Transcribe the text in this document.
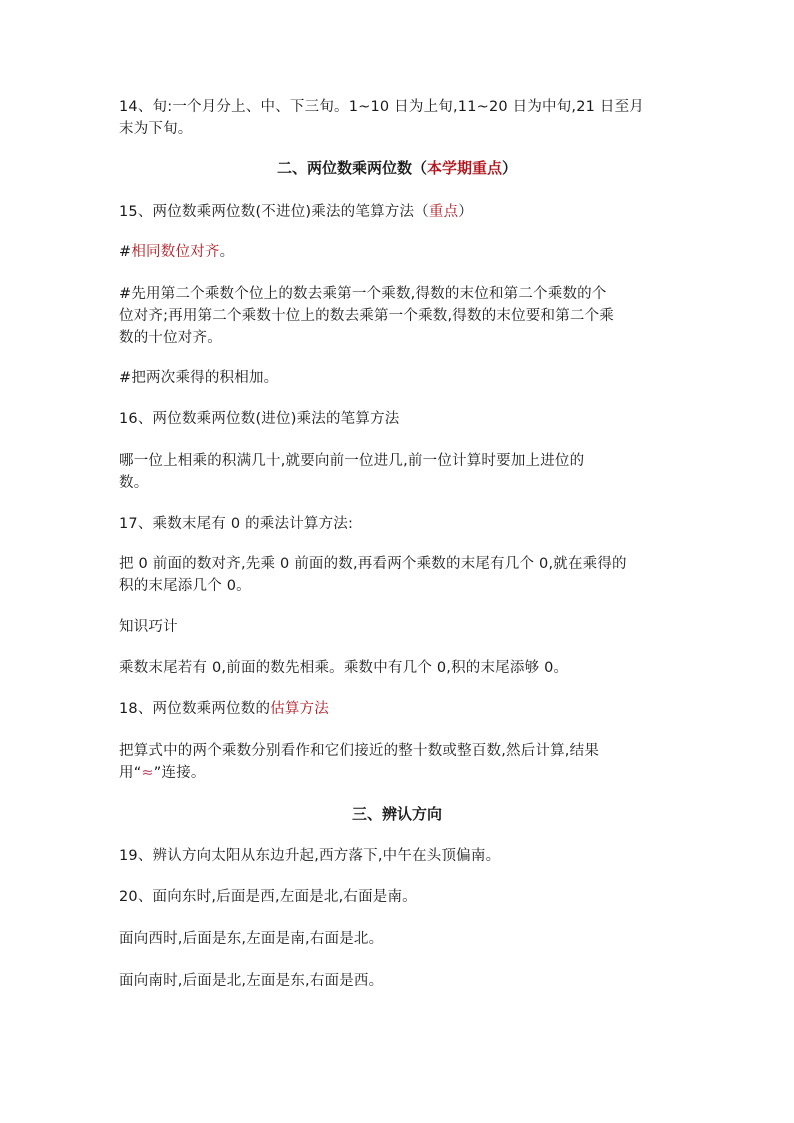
14、旬:一个月分上、中、下三旬。1~10 日为上旬,11~20 日为中旬,21 日至月
末为下旬。
二、两位数乘两位数（本学期重点）
15、两位数乘两位数(不进位)乘法的笔算方法（重点）
#相同数位对齐。
#先用第二个乘数个位上的数去乘第一个乘数,得数的末位和第二个乘数的个
位对齐;再用第二个乘数十位上的数去乘第一个乘数,得数的末位要和第二个乘
数的十位对齐。
#把两次乘得的积相加。
16、两位数乘两位数(进位)乘法的笔算方法
哪一位上相乘的积满几十,就要向前一位进几,前一位计算时要加上进位的
数。
17、乘数末尾有 0 的乘法计算方法:
把 0 前面的数对齐,先乘 0 前面的数,再看两个乘数的末尾有几个 0,就在乘得的
积的末尾添几个 0。
知识巧计
乘数末尾若有 0,前面的数先相乘。乘数中有几个 0,积的末尾添够 0。
18、两位数乘两位数的估算方法
把算式中的两个乘数分别看作和它们接近的整十数或整百数,然后计算,结果
用“≈”连接。
三、辨认方向
19、辨认方向太阳从东边升起,西方落下,中午在头顶偏南。
20、面向东时,后面是西,左面是北,右面是南。
面向西时,后面是东,左面是南,右面是北。
面向南时,后面是北,左面是东,右面是西。
